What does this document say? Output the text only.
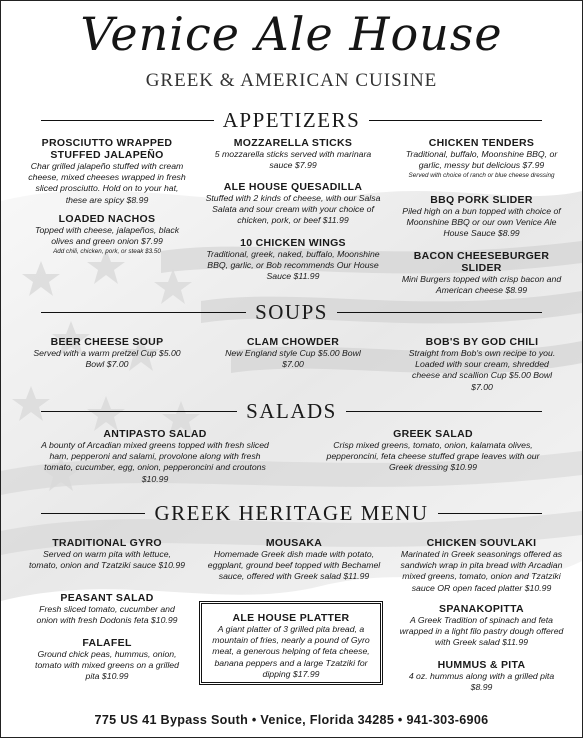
Venice Ale House
GREEK & AMERICAN CUISINE
APPETIZERS
PROSCIUTTO WRAPPED STUFFED JALAPEÑO
Char grilled jalapeño stuffed with cream cheese, mixed cheeses wrapped in fresh sliced prosciutto. Hold on to your hat, these are spicy $8.99
LOADED NACHOS
Topped with cheese, jalapeños, black olives and green onion $7.99
Add chili, chicken, pork, or steak $3.50
MOZZARELLA STICKS
5 mozzarella sticks served with marinara sauce $7.99
ALE HOUSE QUESADILLA
Stuffed with 2 kinds of cheese, with our Salsa Salata and sour cream with your choice of chicken, pork, or beef $11.99
10 CHICKEN WINGS
Traditional, greek, naked, buffalo, Moonshine BBQ, garlic, or Bob recommends Our House Sauce $11.99
CHICKEN TENDERS
Traditional, buffalo, Moonshine BBQ, or garlic, messy but delicious $7.99
Served with choice of ranch or blue cheese dressing
BBQ PORK SLIDER
Piled high on a bun topped with choice of Moonshine BBQ or our own Venice Ale House Sauce $8.99
BACON CHEESEBURGER SLIDER
Mini Burgers topped with crisp bacon and American cheese $8.99
SOUPS
BEER CHEESE SOUP
Served with a warm pretzel Cup $5.00 Bowl $7.00
CLAM CHOWDER
New England style Cup $5.00 Bowl $7.00
BOB'S BY GOD CHILI
Straight from Bob's own recipe to you. Loaded with sour cream, shredded cheese and scallion Cup $5.00 Bowl $7.00
SALADS
ANTIPASTO SALAD
A bounty of Arcadian mixed greens topped with fresh sliced ham, pepperoni and salami, provolone along with fresh tomato, cucumber, egg, onion, pepperoncini and croutons $10.99
GREEK SALAD
Crisp mixed greens, tomato, onion, kalamata olives, pepperoncini, feta cheese stuffed grape leaves with our Greek dressing $10.99
GREEK HERITAGE MENU
TRADITIONAL GYRO
Served on warm pita with lettuce, tomato, onion and Tzatziki sauce $10.99
PEASANT SALAD
Fresh sliced tomato, cucumber and onion with fresh Dodonis feta $10.99
FALAFEL
Ground chick peas, hummus, onion, tomato with mixed greens on a grilled pita $10.99
MOUSAKA
Homemade Greek dish made with potato, eggplant, ground beef topped with Bechamel sauce, offered with Greek salad $11.99
ALE HOUSE PLATTER
A giant platter of 3 grilled pita bread, a mountain of fries, nearly a pound of Gyro meat, a generous helping of feta cheese, banana peppers and a large Tzatziki for dipping $17.99
CHICKEN SOUVLAKI
Marinated in Greek seasonings offered as sandwich wrap in pita bread with Arcadian mixed greens, tomato, onion and Tzatziki sauce OR open faced platter $10.99
SPANAKOPITTA
A Greek Tradition of spinach and feta wrapped in a light filo pastry dough offered with Greek salad $11.99
HUMMUS & PITA
4 oz. hummus along with a grilled pita $8.99
775 US 41 Bypass South • Venice, Florida 34285 • 941-303-6906
